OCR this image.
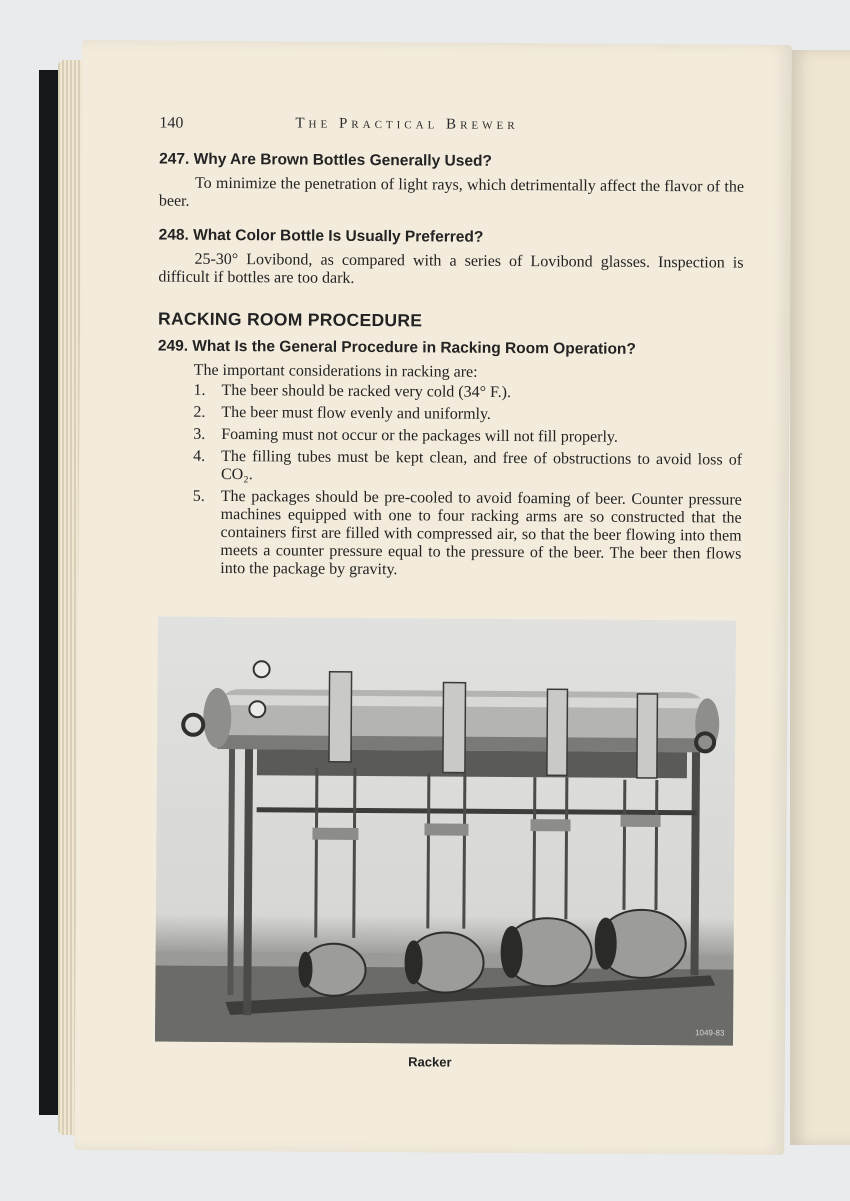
140	The Practical Brewer
247. Why Are Brown Bottles Generally Used?

To minimize the penetration of light rays, which detrimentally affect the flavor of the beer.

248. What Color Bottle Is Usually Preferred?

25-30° Lovibond, as compared with a series of Lovibond glasses. Inspection is difficult if bottles are too dark.

RACKING ROOM PROCEDURE
249. What Is the General Procedure in Racking Room Operation?
The important considerations in racking are:
1. The beer should be racked very cold (34° F.).
2. The beer must flow evenly and uniformly.
3. Foaming must not occur or the packages will not fill properly.
4. The filling tubes must be kept clean, and free of obstructions to avoid loss of CO₂.
5. The packages should be pre-cooled to avoid foaming of beer. Counter pressure machines equipped with one to four racking arms are so constructed that the containers first are filled with compressed air, so that the beer flowing into them meets a counter pressure equal to the pressure of the beer. The beer then flows into the package by gravity.
1049-83
Racker
